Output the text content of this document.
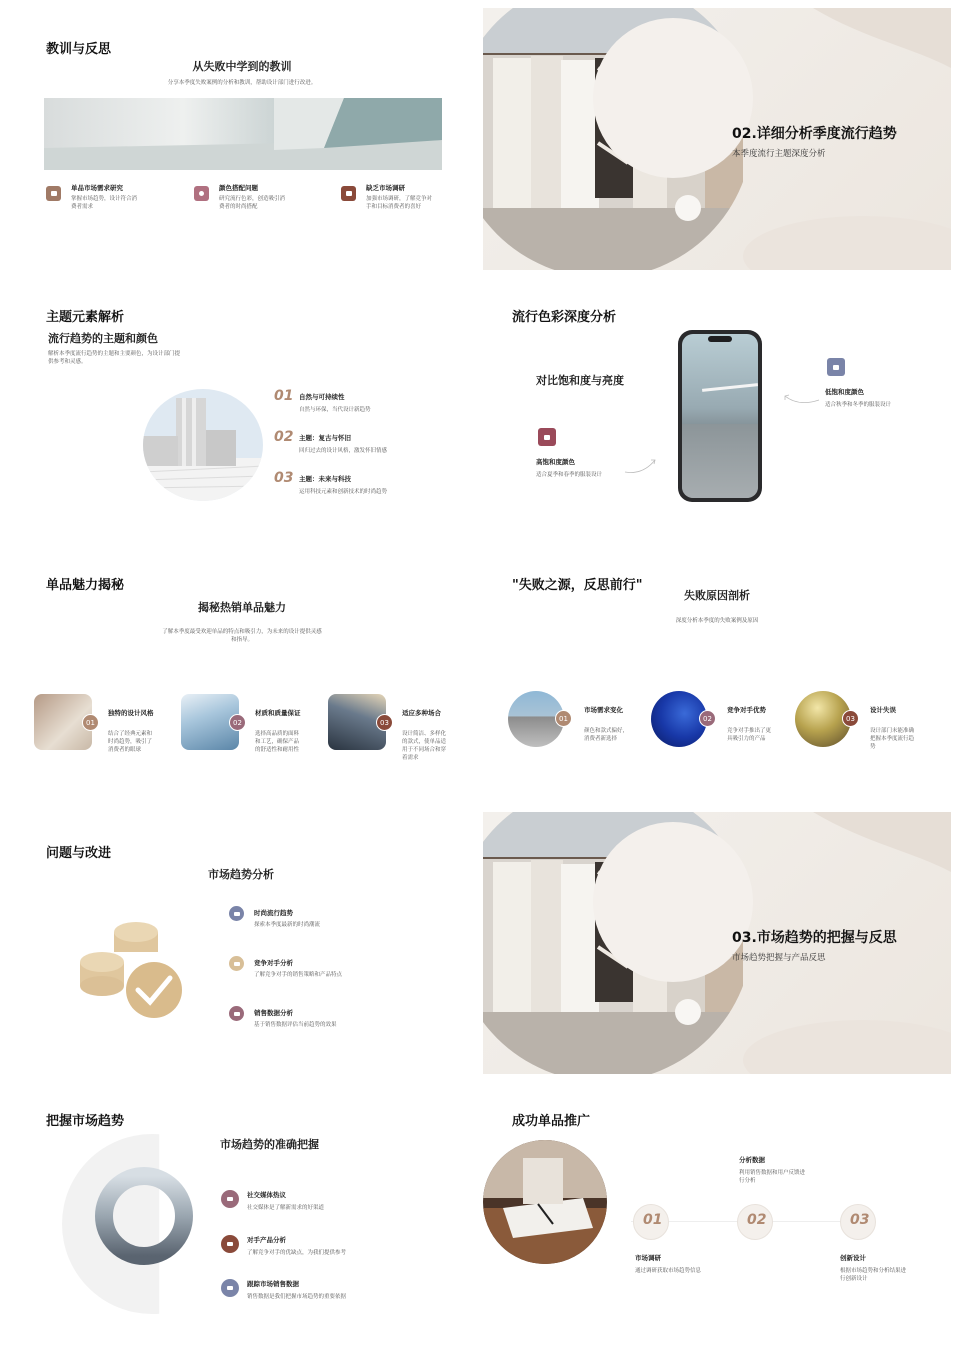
教训与反思
从失败中学到的教训
分享本季度失败案例的分析和教训，帮助设计部门进行改进。
单品市场需求研究
掌握市场趋势，设计符合消
费者需求
颜色搭配问题
研究流行色彩，创造吸引消
费者的时尚搭配
缺乏市场调研
加强市场调研，了解竞争对
手和目标消费者的喜好
02.详细分析季度流行趋势
本季度流行主题深度分析
主题元素解析
流行趋势的主题和颜色
解析本季度流行趋势的主题和主要颜色，为设计部门提
供参考和灵感。
01 自然与可持续性
自然与环保，当代设计新趋势
02 主题：复古与怀旧
回归过去的设计风格，激发怀旧情感
03 主题：未来与科技
运用科技元素和创新技术的时尚趋势
流行色彩深度分析
对比饱和度与亮度
高饱和度颜色
适合夏季和春季的服装设计
低饱和度颜色
适合秋季和冬季的服装设计
单品魅力揭秘
揭秘热销单品魅力
了解本季度最受欢迎单品的特点和吸引力，为未来的设计提供灵感
和指导。
01
独特的设计风格
结合了经典元素和
时尚趋势，吸引了
消费者的眼球
02
材质和质量保证
选择高品质的面料
和工艺，确保产品
的舒适性和耐用性
03
适应多种场合
设计简洁、多样化
的款式，使单品适
用于不同场合和穿
着需求
"失败之源，反思前行"
失败原因剖析
深度分析本季度的失败案例及原因
01
市场需求变化
颜色和款式偏好，
消费者新选择
02
竞争对手优势
竞争对手推出了更
具吸引力的产品
03
设计失误
设计部门未能准确
把握本季度流行趋
势
问题与改进
市场趋势分析
时尚流行趋势
探索本季度最新的时尚潮流
竞争对手分析
了解竞争对手的销售策略和产品特点
销售数据分析
基于销售数据评估当前趋势的效果
03.市场趋势的把握与反思
市场趋势把握与产品反思
把握市场趋势
市场趋势的准确把握
社交媒体热议
社交媒体是了解新需求的好渠道
对手产品分析
了解竞争对手的优缺点，为我们提供参考
跟踪市场销售数据
销售数据是我们把握市场趋势的重要依据
成功单品推广
01
市场调研
通过调研获取市场趋势信息
02
分析数据
利用销售数据和用户反馈进
行分析
03
创新设计
根据市场趋势和分析结果进
行创新设计
